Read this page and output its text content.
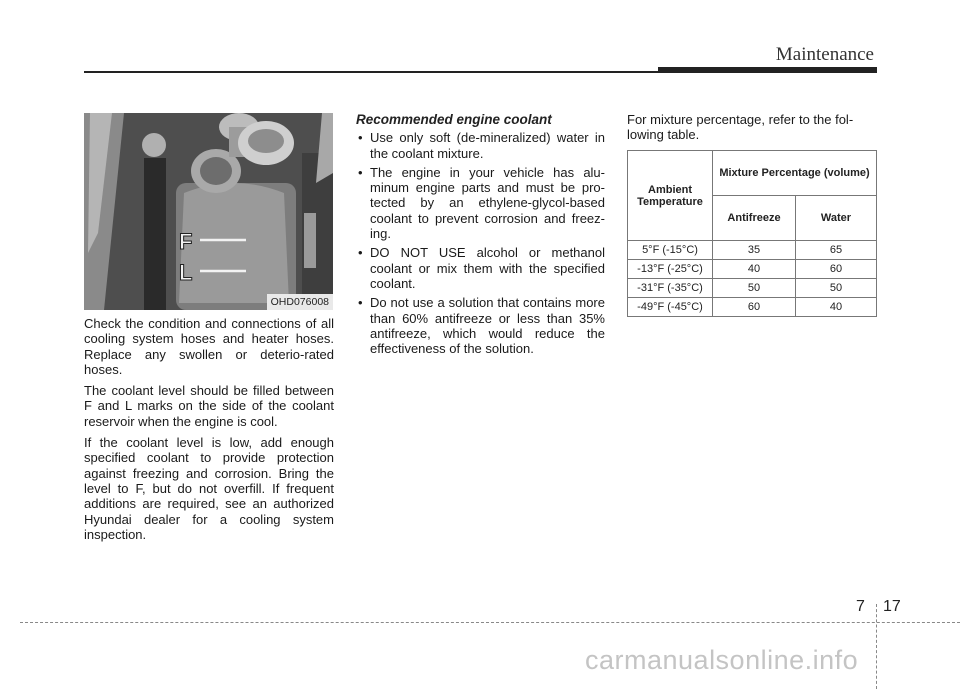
Maintenance
F
L
OHD076008

Check the condition and connections of all cooling system hoses and heater hoses. Replace any swollen or deterio-rated hoses.

The coolant level should be filled between F and L marks on the side of the coolant reservoir when the engine is cool.

If the coolant level is low, add enough specified coolant to provide protection against freezing and corrosion. Bring the level to F, but do not overfill. If frequent additions are required, see an authorized Hyundai dealer for a cooling system inspection.

Recommended engine coolant
• Use only soft (de-mineralized) water in the coolant mixture.
• The engine in your vehicle has alu-minum engine parts and must be pro-tected by an ethylene-glycol-based coolant to prevent corrosion and freez-ing.
• DO NOT USE alcohol or methanol coolant or mix them with the specified coolant.
• Do not use a solution that contains more than 60% antifreeze or less than 35% antifreeze, which would reduce the effectiveness of the solution.

For mixture percentage, refer to the fol-lowing table.

Ambient Temperature	Mixture Percentage (volume)	
	Antifreeze	Water
5°F (-15°C)	35	65
-13°F (-25°C)	40	60
-31°F (-35°C)	50	50
-49°F (-45°C)	60	40
7 17
carmanualsonline.info
